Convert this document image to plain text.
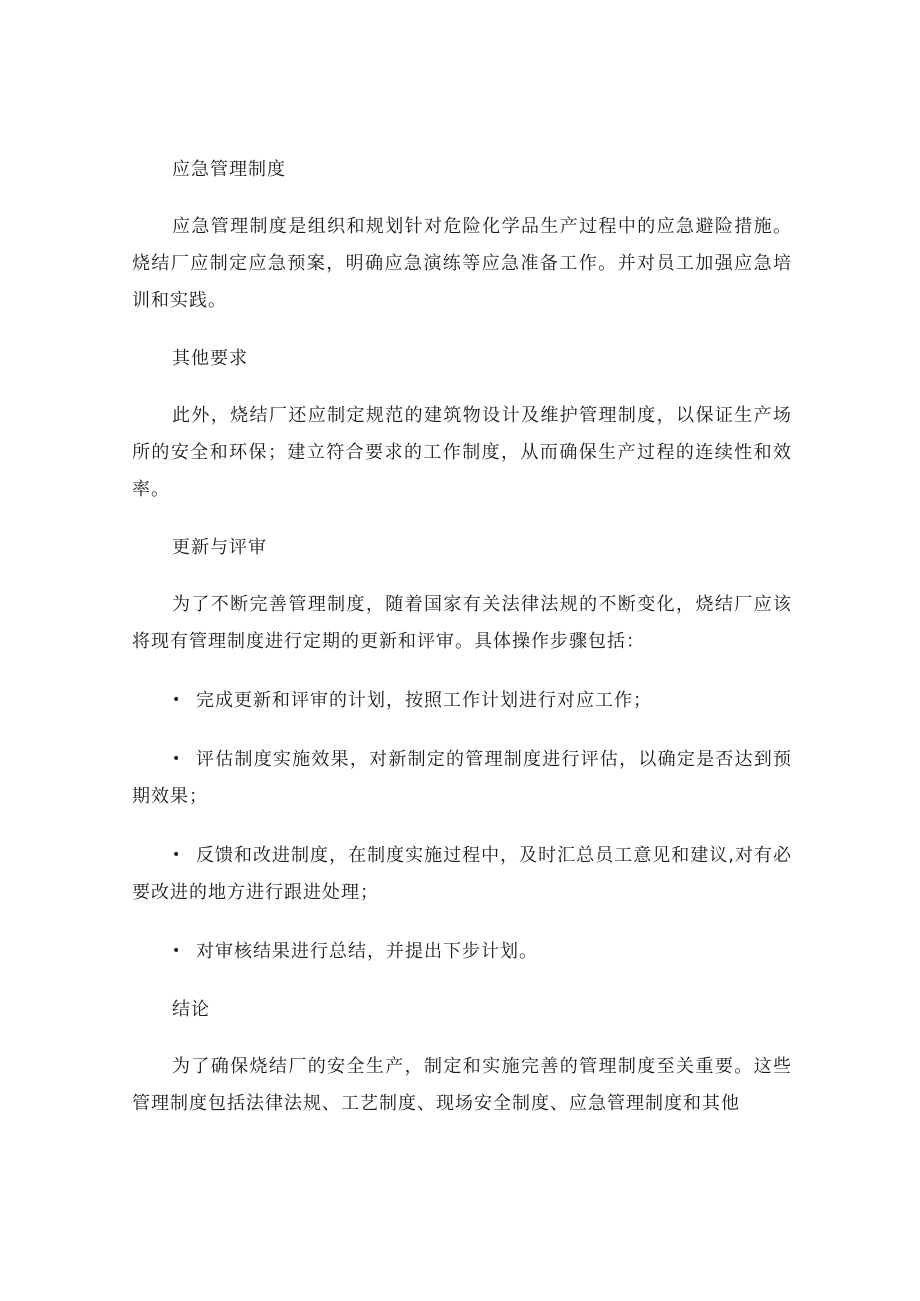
应急管理制度

应急管理制度是组织和规划针对危险化学品生产过程中的应急避险措施。烧结厂应制定应急预案，明确应急演练等应急准备工作。并对员工加强应急培训和实践。

其他要求

此外，烧结厂还应制定规范的建筑物设计及维护管理制度，以保证生产场所的安全和环保；建立符合要求的工作制度，从而确保生产过程的连续性和效率。

更新与评审

为了不断完善管理制度，随着国家有关法律法规的不断变化，烧结厂应该将现有管理制度进行定期的更新和评审。具体操作步骤包括：

• 完成更新和评审的计划，按照工作计划进行对应工作；
• 评估制度实施效果，对新制定的管理制度进行评估，以确定是否达到预期效果；
• 反馈和改进制度，在制度实施过程中，及时汇总员工意见和建议,对有必要改进的地方进行跟进处理；
• 对审核结果进行总结，并提出下步计划。
结论

为了确保烧结厂的安全生产，制定和实施完善的管理制度至关重要。这些管理制度包括法律法规、工艺制度、现场安全制度、应急管理制度和其他
